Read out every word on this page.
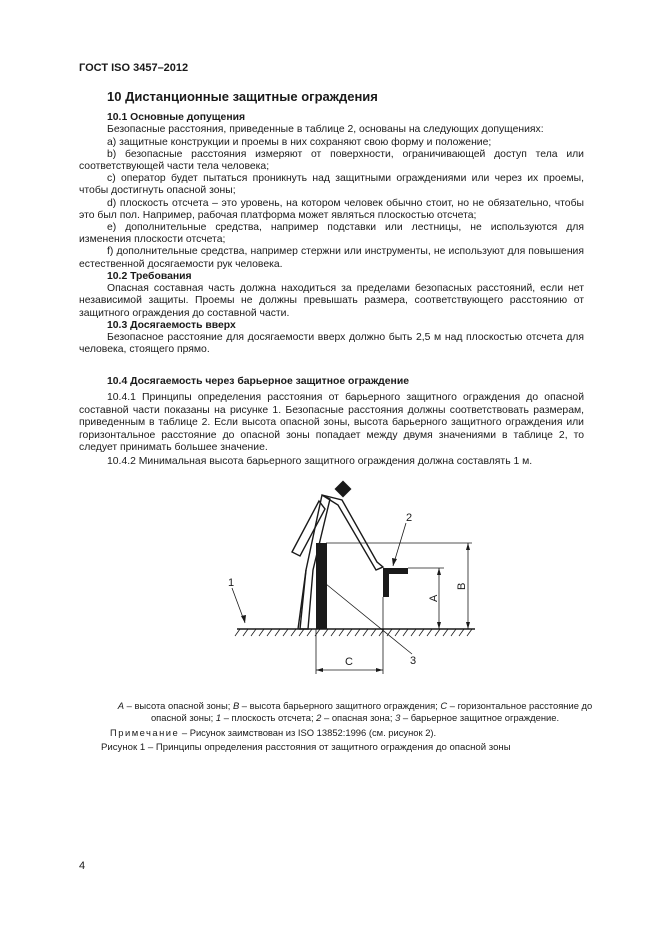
ГОСТ ISO 3457–2012
10 Дистанционные защитные ограждения
10.1 Основные допущения

Безопасные расстояния, приведенные в таблице 2, основаны на следующих допущениях:

а) защитные конструкции и проемы в них сохраняют свою форму и положение;

b) безопасные расстояния измеряют от поверхности, ограничивающей доступ тела или соответствующей части тела человека;

c) оператор будет пытаться проникнуть над защитными ограждениями или через их проемы, чтобы достигнуть опасной зоны;

d) плоскость отсчета – это уровень, на котором человек обычно стоит, но не обязательно, чтобы это был пол. Например, рабочая платформа может являться плоскостью отсчета;

e) дополнительные средства, например подставки или лестницы, не используются для изменения плоскости отсчета;

f) дополнительные средства, например стержни или инструменты, не используют для повышения естественной досягаемости рук человека.

10.2 Требования

Опасная составная часть должна находиться за пределами безопасных расстояний, если нет независимой защиты. Проемы не должны превышать размера, соответствующего расстоянию от защитного ограждения до составной части.

10.3 Досягаемость вверх

Безопасное расстояние для досягаемости вверх должно быть 2,5 м над плоскостью отсчета для человека, стоящего прямо.

10.4 Досягаемость через барьерное защитное ограждение

10.4.1 Принципы определения расстояния от барьерного защитного ограждения до опасной составной части показаны на рисунке 1. Безопасные расстояния должны соответствовать размерам, приведенным в таблице 2. Если высота опасной зоны, высота барьерного защитного ограждения или горизонтальное расстояние до опасной зоны попадает между двумя значениями в таблице 2, то следует принимать большее значение.

10.4.2 Минимальная высота барьерного защитного ограждения должна составлять 1 м.

1
2
3
A
B
C
A – высота опасной зоны; B – высота барьерного защитного ограждения; C – горизонтальное расстояние до
опасной зоны; 1 – плоскость отсчета; 2 – опасная зона; 3 – барьерное защитное ограждение.
Примечание – Рисунок заимствован из ISO 13852:1996 (см. рисунок 2).
Рисунок 1 – Принципы определения расстояния от защитного ограждения до опасной зоны
4
